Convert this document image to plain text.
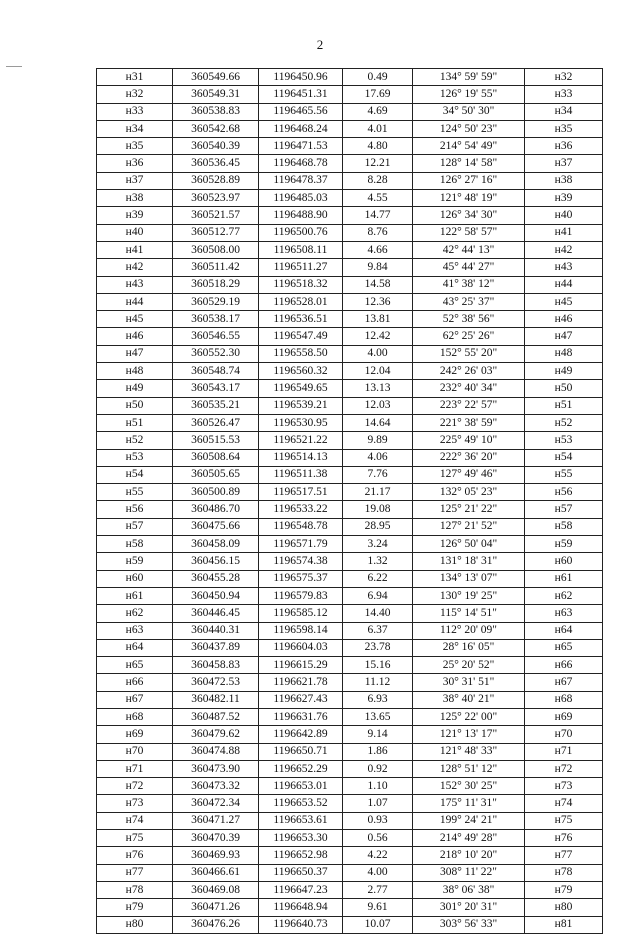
2
н31	360549.66	1196450.96	0.49	134° 59' 59"	н32
н32	360549.31	1196451.31	17.69	126° 19' 55"	н33
н33	360538.83	1196465.56	4.69	34° 50' 30"	н34
н34	360542.68	1196468.24	4.01	124° 50' 23"	н35
н35	360540.39	1196471.53	4.80	214° 54' 49"	н36
н36	360536.45	1196468.78	12.21	128° 14' 58"	н37
н37	360528.89	1196478.37	8.28	126° 27' 16"	н38
н38	360523.97	1196485.03	4.55	121° 48' 19"	н39
н39	360521.57	1196488.90	14.77	126° 34' 30"	н40
н40	360512.77	1196500.76	8.76	122° 58' 57"	н41
н41	360508.00	1196508.11	4.66	42° 44' 13"	н42
н42	360511.42	1196511.27	9.84	45° 44' 27"	н43
н43	360518.29	1196518.32	14.58	41° 38' 12"	н44
н44	360529.19	1196528.01	12.36	43° 25' 37"	н45
н45	360538.17	1196536.51	13.81	52° 38' 56"	н46
н46	360546.55	1196547.49	12.42	62° 25' 26"	н47
н47	360552.30	1196558.50	4.00	152° 55' 20"	н48
н48	360548.74	1196560.32	12.04	242° 26' 03"	н49
н49	360543.17	1196549.65	13.13	232° 40' 34"	н50
н50	360535.21	1196539.21	12.03	223° 22' 57"	н51
н51	360526.47	1196530.95	14.64	221° 38' 59"	н52
н52	360515.53	1196521.22	9.89	225° 49' 10"	н53
н53	360508.64	1196514.13	4.06	222° 36' 20"	н54
н54	360505.65	1196511.38	7.76	127° 49' 46"	н55
н55	360500.89	1196517.51	21.17	132° 05' 23"	н56
н56	360486.70	1196533.22	19.08	125° 21' 22"	н57
н57	360475.66	1196548.78	28.95	127° 21' 52"	н58
н58	360458.09	1196571.79	3.24	126° 50' 04"	н59
н59	360456.15	1196574.38	1.32	131° 18' 31"	н60
н60	360455.28	1196575.37	6.22	134° 13' 07"	н61
н61	360450.94	1196579.83	6.94	130° 19' 25"	н62
н62	360446.45	1196585.12	14.40	115° 14' 51"	н63
н63	360440.31	1196598.14	6.37	112° 20' 09"	н64
н64	360437.89	1196604.03	23.78	28° 16' 05"	н65
н65	360458.83	1196615.29	15.16	25° 20' 52"	н66
н66	360472.53	1196621.78	11.12	30° 31' 51"	н67
н67	360482.11	1196627.43	6.93	38° 40' 21"	н68
н68	360487.52	1196631.76	13.65	125° 22' 00"	н69
н69	360479.62	1196642.89	9.14	121° 13' 17"	н70
н70	360474.88	1196650.71	1.86	121° 48' 33"	н71
н71	360473.90	1196652.29	0.92	128° 51' 12"	н72
н72	360473.32	1196653.01	1.10	152° 30' 25"	н73
н73	360472.34	1196653.52	1.07	175° 11' 31"	н74
н74	360471.27	1196653.61	0.93	199° 24' 21"	н75
н75	360470.39	1196653.30	0.56	214° 49' 28"	н76
н76	360469.93	1196652.98	4.22	218° 10' 20"	н77
н77	360466.61	1196650.37	4.00	308° 11' 22"	н78
н78	360469.08	1196647.23	2.77	38° 06' 38"	н79
н79	360471.26	1196648.94	9.61	301° 20' 31"	н80
н80	360476.26	1196640.73	10.07	303° 56' 33"	н81
